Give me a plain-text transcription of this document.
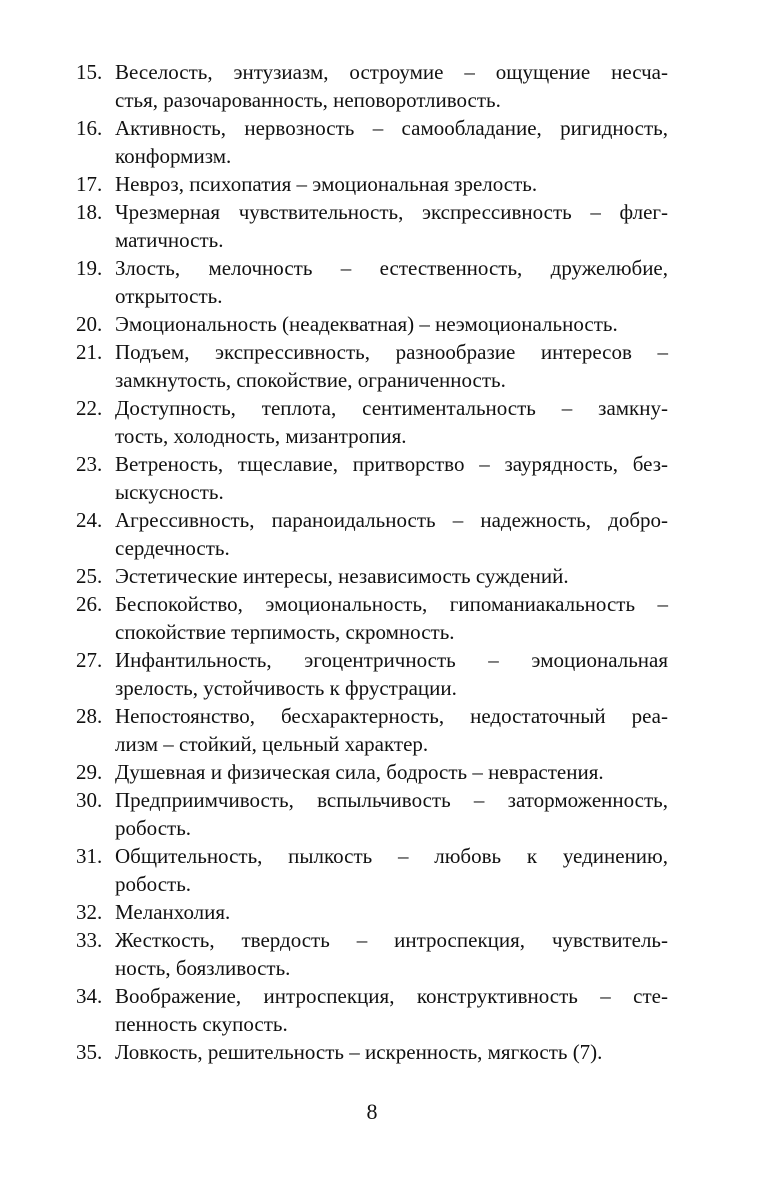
15. Веселость, энтузиазм, остроумие – ощущение несча-
стья, разочарованность, неповоротливость.
16. Активность, нервозность – самообладание, ригидность,
конформизм.
17. Невроз, психопатия – эмоциональная зрелость.
18. Чрезмерная чувствительность, экспрессивность – флег-
матичность.
19. Злость, мелочность – естественность, дружелюбие,
открытость.
20. Эмоциональность (неадекватная) – неэмоциональность.
21. Подъем, экспрессивность, разнообразие интересов –
замкнутость, спокойствие, ограниченность.
22. Доступность, теплота, сентиментальность – замкну-
тость, холодность, мизантропия.
23. Ветреность, тщеславие, притворство – заурядность, без-
ыскусность.
24. Агрессивность, параноидальность – надежность, добро-
сердечность.
25. Эстетические интересы, независимость суждений.
26. Беспокойство, эмоциональность, гипоманиакальность –
спокойствие терпимость, скромность.
27. Инфантильность, эгоцентричность – эмоциональная
зрелость, устойчивость к фрустрации.
28. Непостоянство, бесхарактерность, недостаточный реа-
лизм – стойкий, цельный характер.
29. Душевная и физическая сила, бодрость – неврастения.
30. Предприимчивость, вспыльчивость – заторможенность,
робость.
31. Общительность, пылкость – любовь к уединению,
робость.
32. Меланхолия.
33. Жесткость, твердость – интроспекция, чувствитель-
ность, боязливость.
34. Воображение, интроспекция, конструктивность – сте-
пенность скупость.
35. Ловкость, решительность – искренность, мягкость (7).
8
